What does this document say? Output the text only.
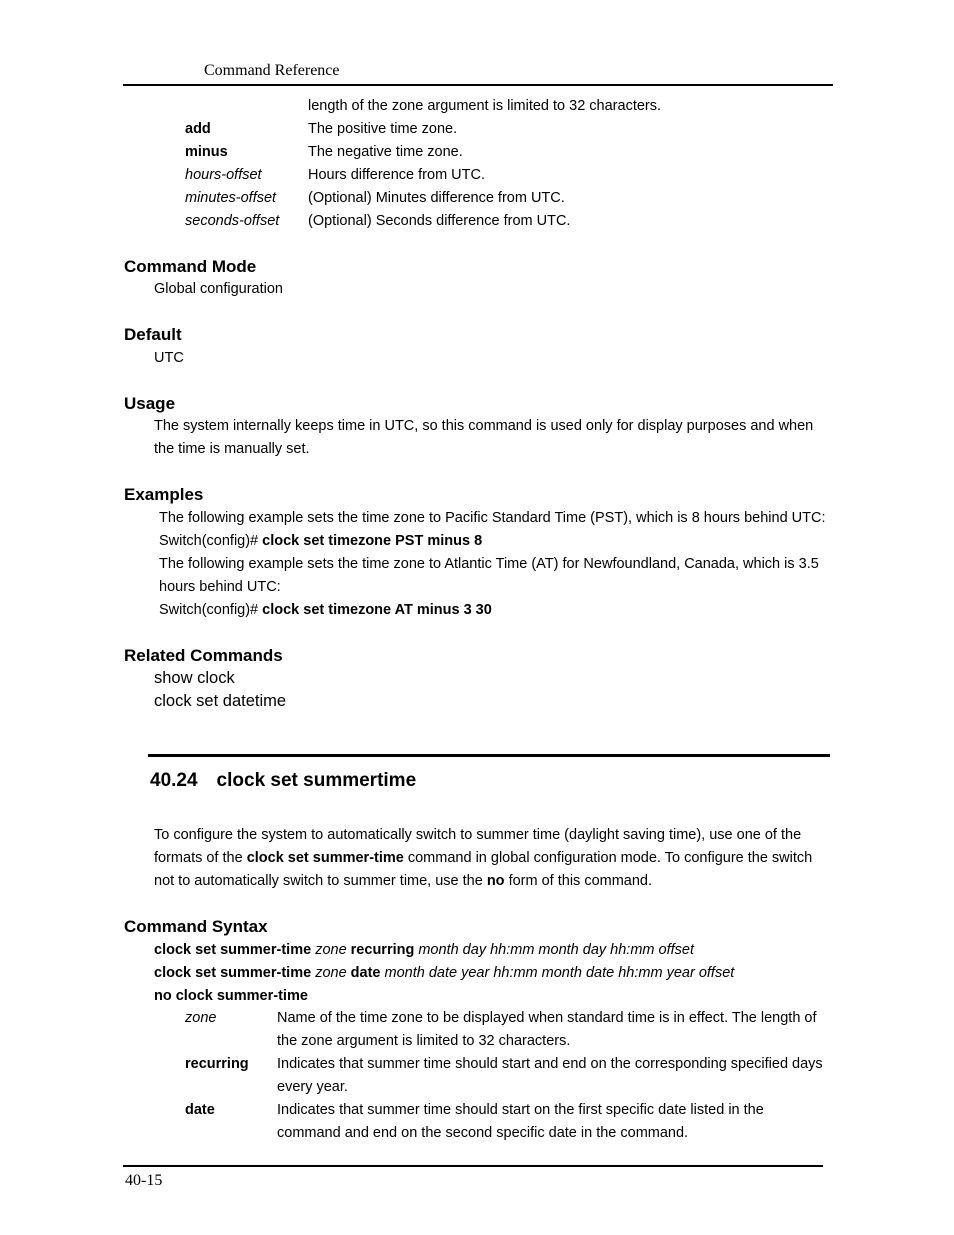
Command Reference
length of the zone argument is limited to 32 characters.
add	The positive time zone.
minus	The negative time zone.
hours-offset	Hours difference from UTC.
minutes-offset (Optional) Minutes difference from UTC.
seconds-offset (Optional) Seconds difference from UTC.
Command Mode
Global configuration
Default
UTC
Usage
The system internally keeps time in UTC, so this command is used only for display purposes and when
the time is manually set.
Examples
The following example sets the time zone to Pacific Standard Time (PST), which is 8 hours behind UTC:
Switch(config)# clock set timezone PST minus 8
The following example sets the time zone to Atlantic Time (AT) for Newfoundland, Canada, which is 3.5
hours behind UTC:
Switch(config)# clock set timezone AT minus 3 30
Related Commands
show clock
clock set datetime
40.24 clock set summertime
To configure the system to automatically switch to summer time (daylight saving time), use one of the
formats of the clock set summer-time command in global configuration mode. To configure the switch
not to automatically switch to summer time, use the no form of this command.
Command Syntax
clock set summer-time zone recurring month day hh:mm month day hh:mm offset
clock set summer-time zone date month date year hh:mm month date hh:mm year offset
no clock summer-time
zone	Name of the time zone to be displayed when standard time is in effect. The length of
the zone argument is limited to 32 characters.
recurring Indicates that summer time should start and end on the corresponding specified days
every year.
date	Indicates that summer time should start on the first specific date listed in the
command and end on the second specific date in the command.
40-15
